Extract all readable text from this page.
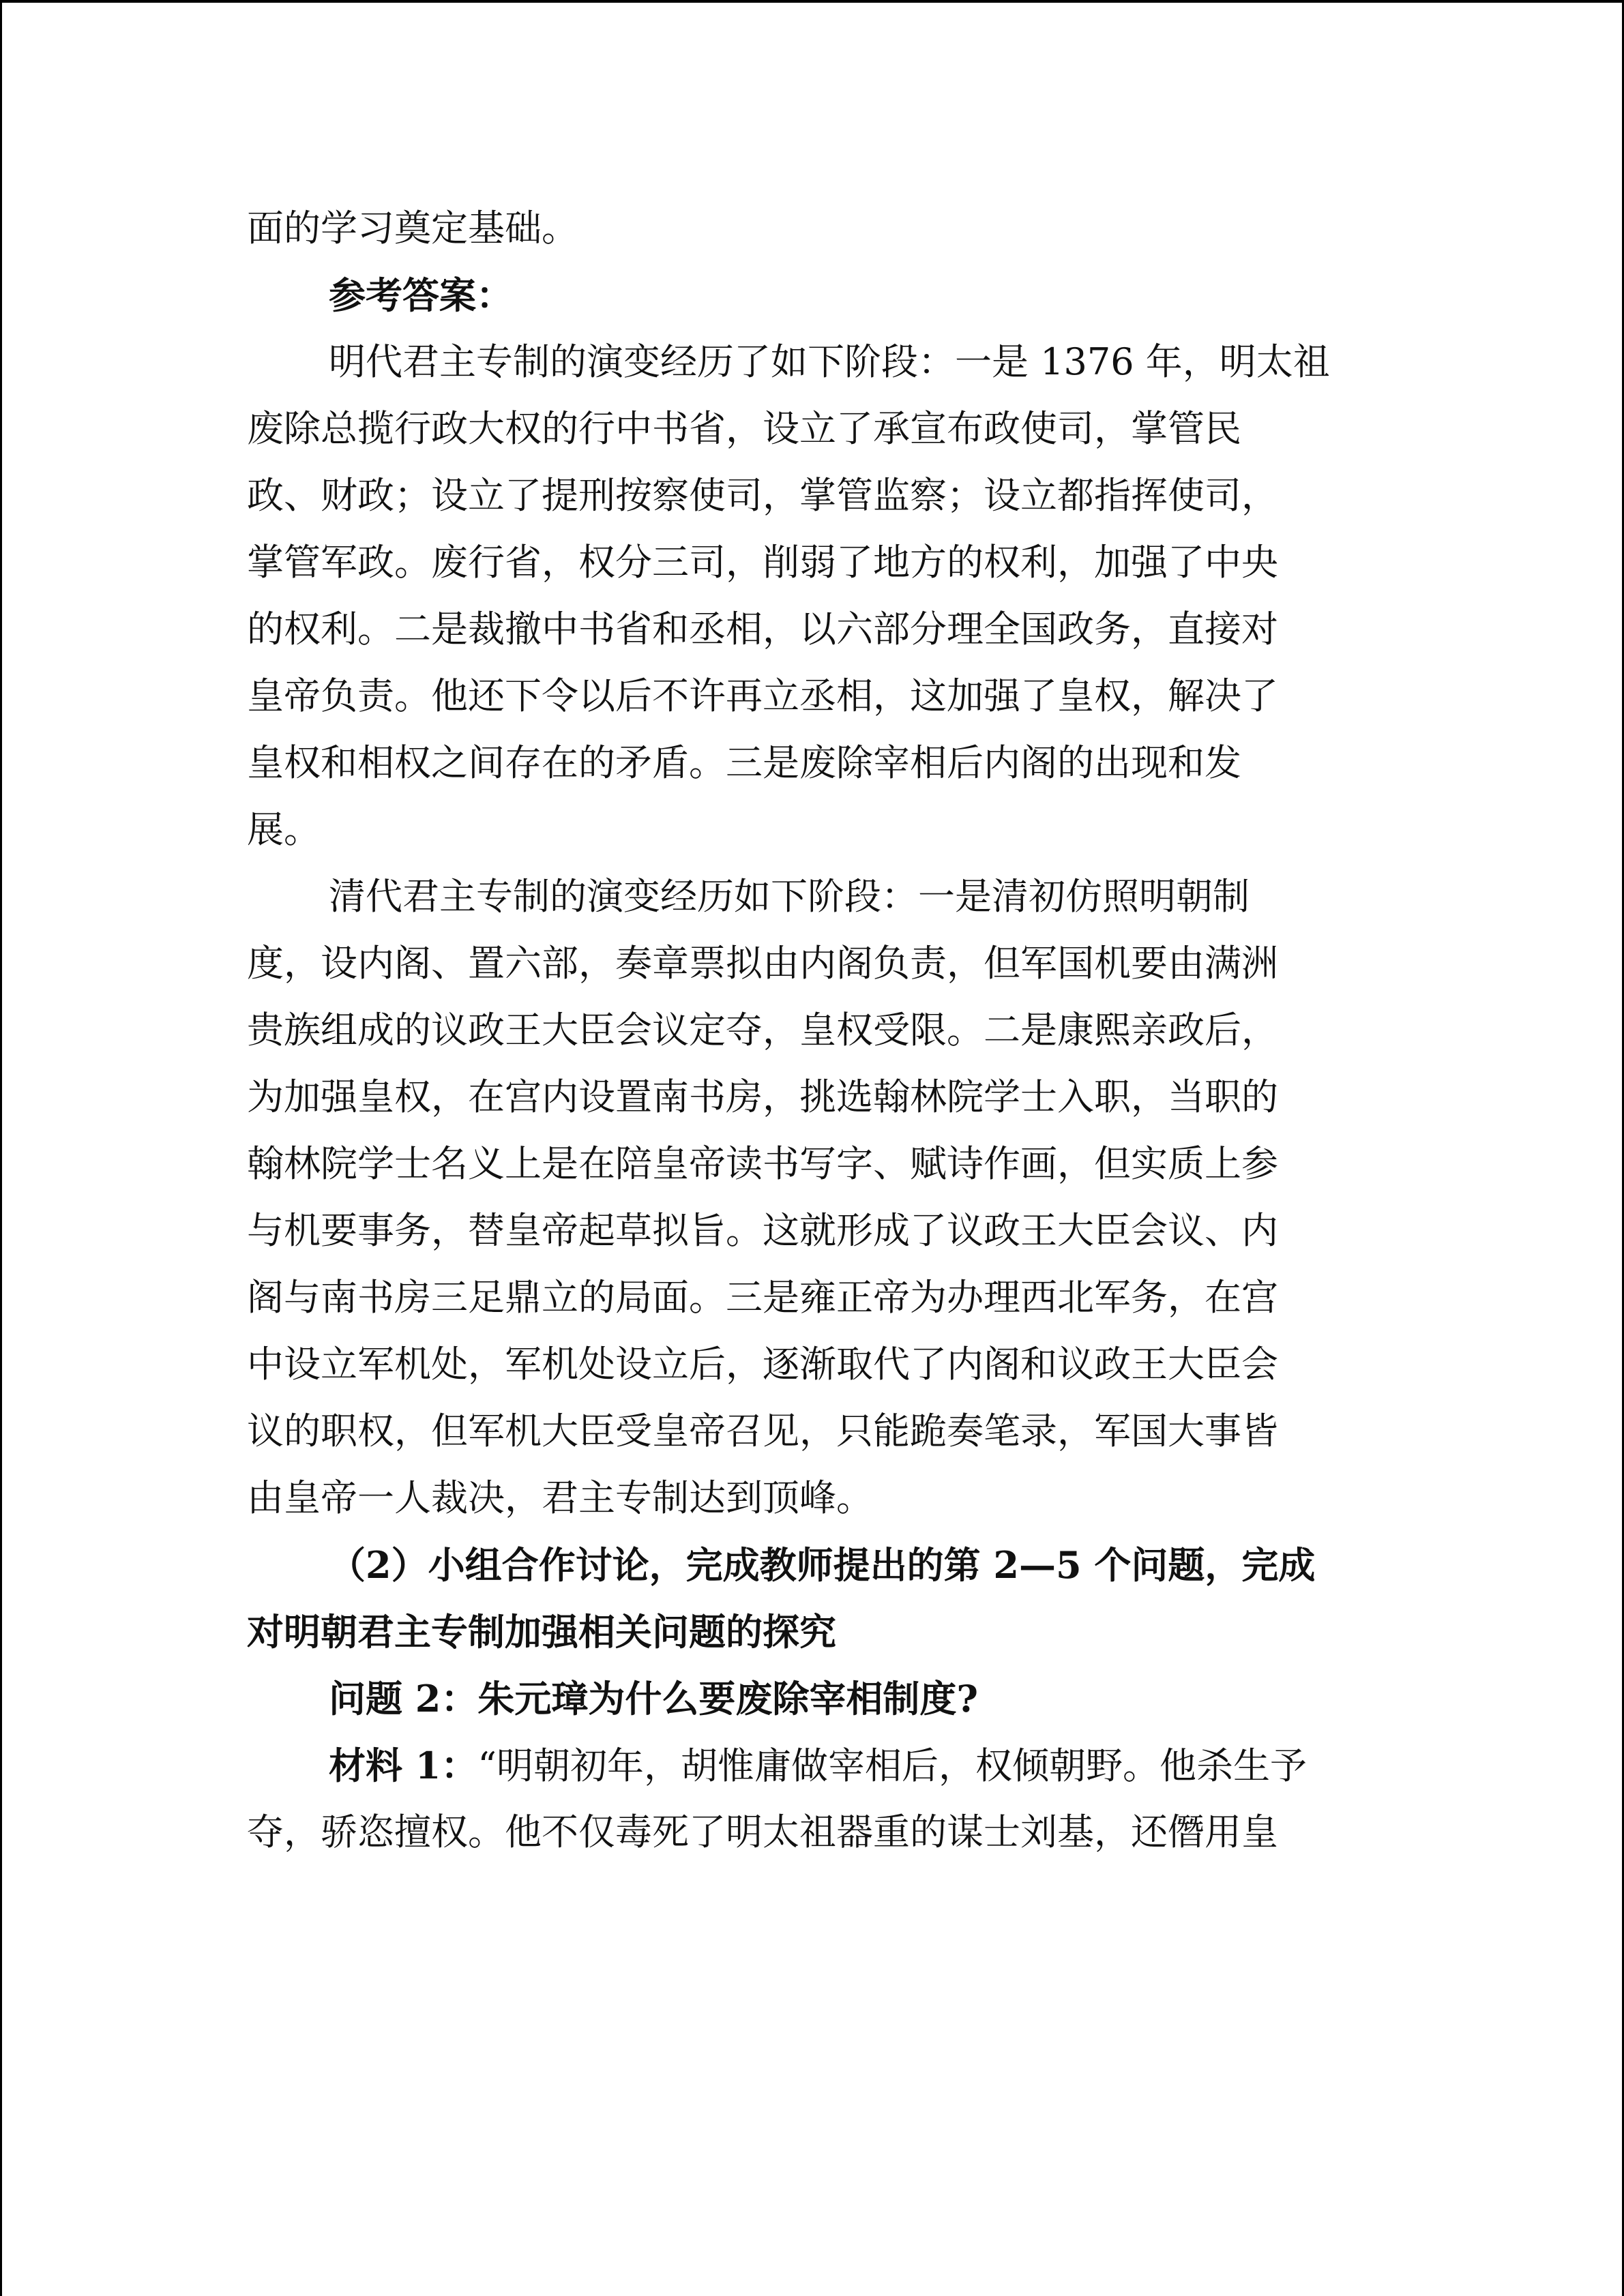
面的学习奠定基础。
参考答案：
明代君主专制的演变经历了如下阶段：一是 1376 年，明太祖
废除总揽行政大权的行中书省，设立了承宣布政使司，掌管民
政、财政；设立了提刑按察使司，掌管监察；设立都指挥使司，
掌管军政。废行省，权分三司，削弱了地方的权利，加强了中央
的权利。二是裁撤中书省和丞相，以六部分理全国政务，直接对
皇帝负责。他还下令以后不许再立丞相，这加强了皇权，解决了
皇权和相权之间存在的矛盾。三是废除宰相后内阁的出现和发
展。
清代君主专制的演变经历如下阶段：一是清初仿照明朝制
度，设内阁、置六部，奏章票拟由内阁负责，但军国机要由满洲
贵族组成的议政王大臣会议定夺，皇权受限。二是康熙亲政后，
为加强皇权，在宫内设置南书房，挑选翰林院学士入职，当职的
翰林院学士名义上是在陪皇帝读书写字、赋诗作画，但实质上参
与机要事务，替皇帝起草拟旨。这就形成了议政王大臣会议、内
阁与南书房三足鼎立的局面。三是雍正帝为办理西北军务，在宫
中设立军机处，军机处设立后，逐渐取代了内阁和议政王大臣会
议的职权，但军机大臣受皇帝召见，只能跪奏笔录，军国大事皆
由皇帝一人裁决，君主专制达到顶峰。
（2）小组合作讨论，完成教师提出的第 2—5 个问题，完成
对明朝君主专制加强相关问题的探究
问题 2：朱元璋为什么要废除宰相制度?
材料 1：“明朝初年，胡惟庸做宰相后，权倾朝野。他杀生予
夺，骄恣擅权。他不仅毒死了明太祖器重的谋士刘基，还僭用皇
